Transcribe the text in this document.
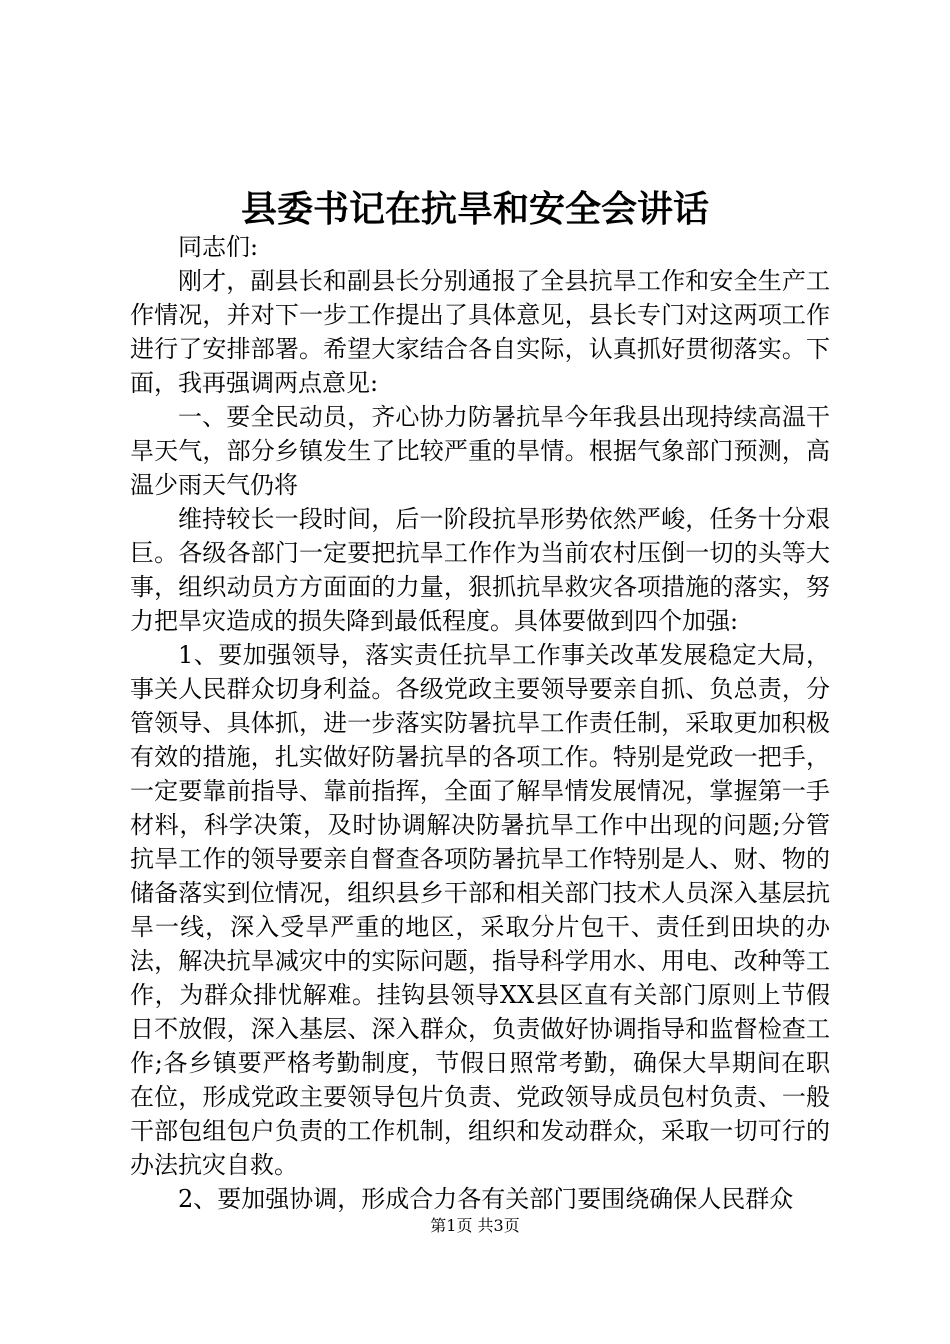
县委书记在抗旱和安全会讲话

同志们:

刚才，副县长和副县长分别通报了全县抗旱工作和安全生产工作情况，并对下一步工作提出了具体意见，县长专门对这两项工作进行了安排部署。希望大家结合各自实际，认真抓好贯彻落实。下面，我再强调两点意见:

一、要全民动员，齐心协力防暑抗旱今年我县出现持续高温干旱天气，部分乡镇发生了比较严重的旱情。根据气象部门预测，高温少雨天气仍将

维持较长一段时间，后一阶段抗旱形势依然严峻，任务十分艰巨。各级各部门一定要把抗旱工作作为当前农村压倒一切的头等大事，组织动员方方面面的力量，狠抓抗旱救灾各项措施的落实，努力把旱灾造成的损失降到最低程度。具体要做到四个加强:

1、要加强领导，落实责任抗旱工作事关改革发展稳定大局，事关人民群众切身利益。各级党政主要领导要亲自抓、负总责，分管领导、具体抓，进一步落实防暑抗旱工作责任制，采取更加积极有效的措施，扎实做好防暑抗旱的各项工作。特别是党政一把手，一定要靠前指导、靠前指挥，全面了解旱情发展情况，掌握第一手材料，科学决策，及时协调解决防暑抗旱工作中出现的问题;分管抗旱工作的领导要亲自督查各项防暑抗旱工作特别是人、财、物的储备落实到位情况，组织县乡干部和相关部门技术人员深入基层抗旱一线，深入受旱严重的地区，采取分片包干、责任到田块的办法，解决抗旱减灾中的实际问题，指导科学用水、用电、改种等工作，为群众排忧解难。挂钩县领导XX县区直有关部门原则上节假日不放假，深入基层、深入群众，负责做好协调指导和监督检查工作;各乡镇要严格考勤制度，节假日照常考勤，确保大旱期间在职在位，形成党政主要领导包片负责、党政领导成员包村负责、一般干部包组包户负责的工作机制，组织和发动群众，采取一切可行的办法抗灾自救。

2、要加强协调，形成合力各有关部门要围绕确保人民群众

第1页 共3页
